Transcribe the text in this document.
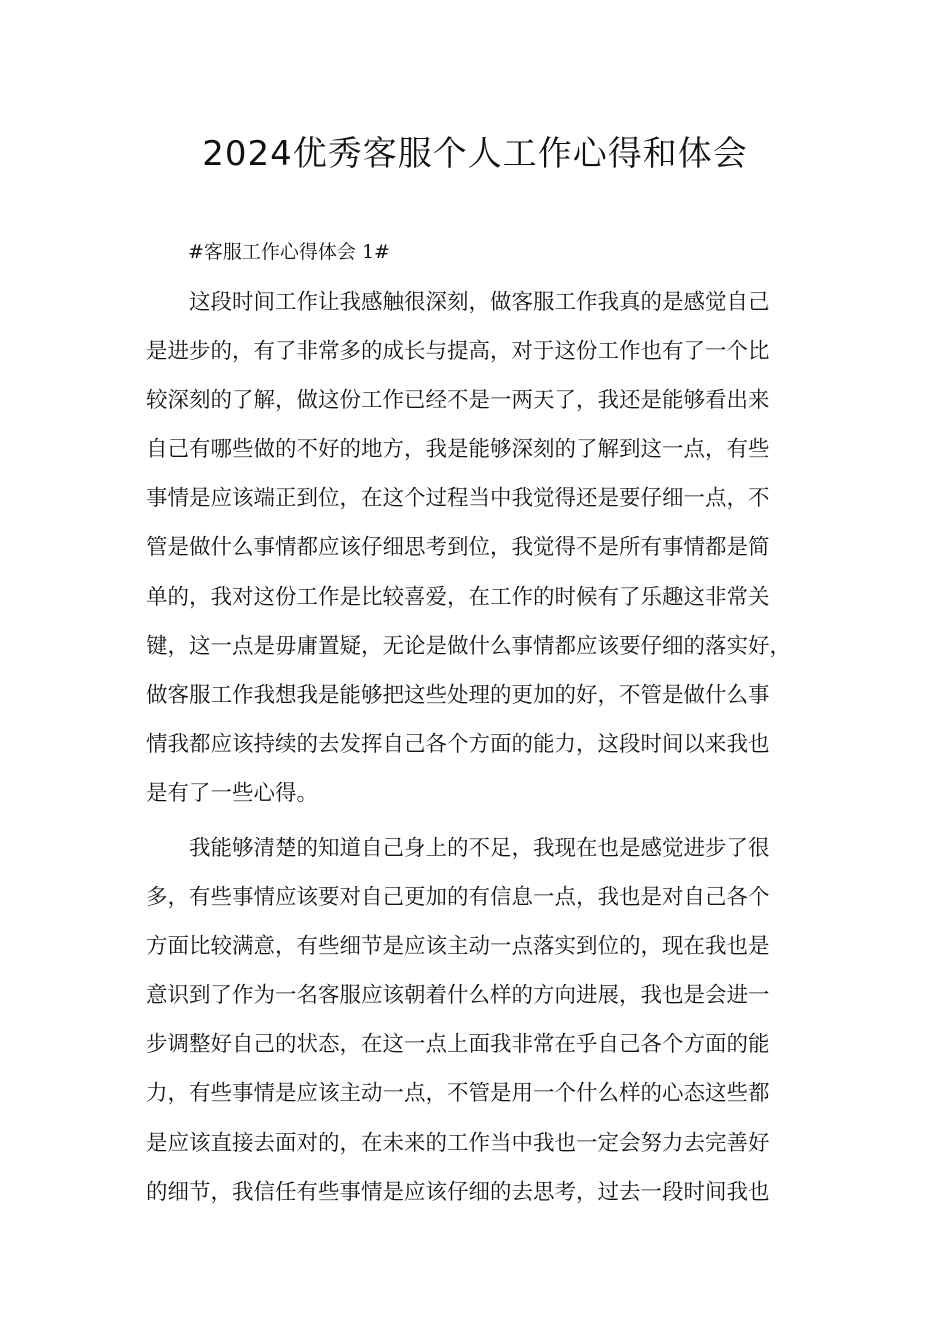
2024优秀客服个人工作心得和体会
#客服工作心得体会 1#
这段时间工作让我感触很深刻，做客服工作我真的是感觉自己
是进步的，有了非常多的成长与提高，对于这份工作也有了一个比
较深刻的了解，做这份工作已经不是一两天了，我还是能够看出来
自己有哪些做的不好的地方，我是能够深刻的了解到这一点，有些
事情是应该端正到位，在这个过程当中我觉得还是要仔细一点，不
管是做什么事情都应该仔细思考到位，我觉得不是所有事情都是简
单的，我对这份工作是比较喜爱，在工作的时候有了乐趣这非常关
键，这一点是毋庸置疑，无论是做什么事情都应该要仔细的落实好，
做客服工作我想我是能够把这些处理的更加的好，不管是做什么事
情我都应该持续的去发挥自己各个方面的能力，这段时间以来我也
是有了一些心得。
我能够清楚的知道自己身上的不足，我现在也是感觉进步了很
多，有些事情应该要对自己更加的有信息一点，我也是对自己各个
方面比较满意，有些细节是应该主动一点落实到位的，现在我也是
意识到了作为一名客服应该朝着什么样的方向进展，我也是会进一
步调整好自己的状态，在这一点上面我非常在乎自己各个方面的能
力，有些事情是应该主动一点，不管是用一个什么样的心态这些都
是应该直接去面对的，在未来的工作当中我也一定会努力去完善好
的细节，我信任有些事情是应该仔细的去思考，过去一段时间我也
